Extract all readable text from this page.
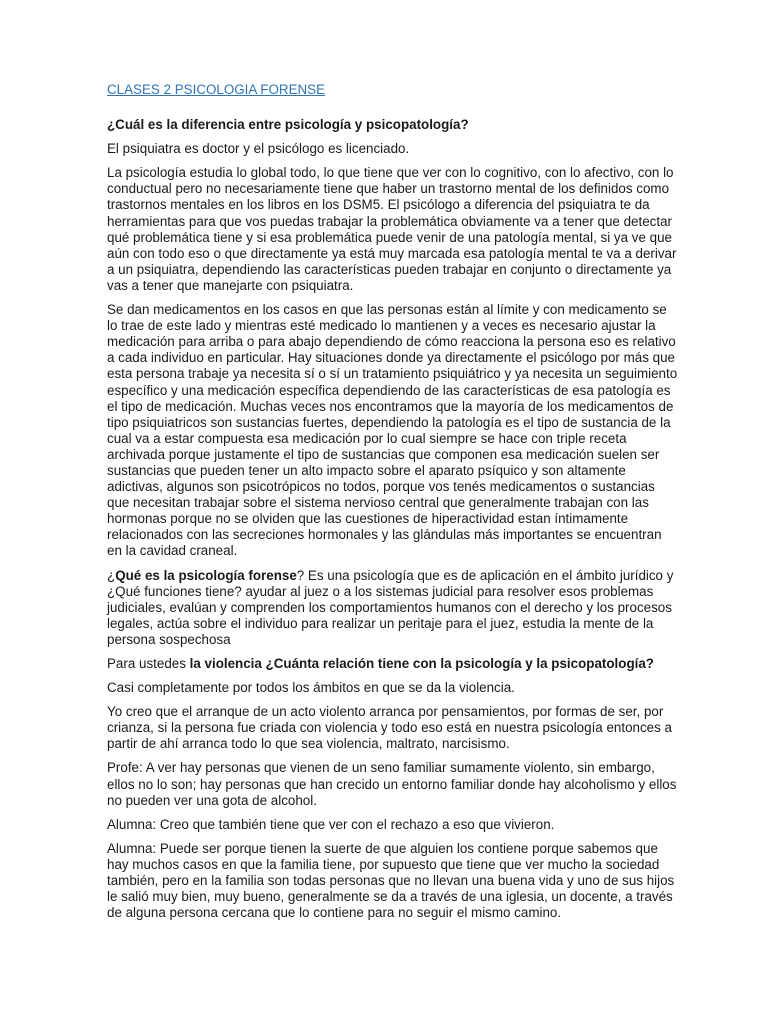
CLASES 2 PSICOLOGIA FORENSE

¿Cuál es la diferencia entre psicología y psicopatología?

El psiquiatra es doctor y el psicólogo es licenciado.

La psicología estudia lo global todo, lo que tiene que ver con lo cognitivo, con lo afectivo, con lo conductual pero no necesariamente tiene que haber un trastorno mental de los definidos como trastornos mentales en los libros en los DSM5. El psicólogo a diferencia del psiquiatra te da herramientas para que vos puedas trabajar la problemática obviamente va a tener que detectar qué problemática tiene y si esa problemática puede venir de una patología mental, si ya ve que aún con todo eso o que directamente ya está muy marcada esa patología mental te va a derivar a un psiquiatra, dependiendo las características pueden trabajar en conjunto o directamente ya vas a tener que manejarte con psiquiatra.

Se dan medicamentos en los casos en que las personas están al límite y con medicamento se lo trae de este lado y mientras esté medicado lo mantienen y a veces es necesario ajustar la medicación para arriba o para abajo dependiendo de cómo reacciona la persona eso es relativo a cada individuo en particular. Hay situaciones donde ya directamente el psicólogo por más que esta persona trabaje ya necesita sí o sí un tratamiento psiquiátrico y ya necesita un seguimiento específico y una medicación específica dependiendo de las características de esa patología es el tipo de medicación. Muchas veces nos encontramos que la mayoría de los medicamentos de tipo psiquiatricos son sustancias fuertes, dependiendo la patología es el tipo de sustancia de la cual va a estar compuesta esa medicación por lo cual siempre se hace con triple receta archivada porque justamente el tipo de sustancias que componen esa medicación suelen ser sustancias que pueden tener un alto impacto sobre el aparato psíquico y son altamente adictivas, algunos son psicotrópicos no todos, porque vos tenés medicamentos o sustancias que necesitan trabajar sobre el sistema nervioso central que generalmente trabajan con las hormonas porque no se olviden que las cuestiones de hiperactividad estan íntimamente relacionados con las secreciones hormonales y las glándulas más importantes se encuentran en la cavidad craneal.

¿Qué es la psicología forense? Es una psicología que es de aplicación en el ámbito jurídico y ¿Qué funciones tiene? ayudar al juez o a los sistemas judicial para resolver esos problemas judiciales, evalúan y comprenden los comportamientos humanos con el derecho y los procesos legales, actúa sobre el individuo para realizar un peritaje para el juez, estudia la mente de la persona sospechosa

Para ustedes la violencia ¿Cuánta relación tiene con la psicología y la psicopatología?

Casi completamente por todos los ámbitos en que se da la violencia.

Yo creo que el arranque de un acto violento arranca por pensamientos, por formas de ser, por crianza, si la persona fue criada con violencia y todo eso está en nuestra psicología entonces a partir de ahí arranca todo lo que sea violencia, maltrato, narcisismo.

Profe: A ver hay personas que vienen de un seno familiar sumamente violento, sin embargo, ellos no lo son; hay personas que han crecido un entorno familiar donde hay alcoholismo y ellos no pueden ver una gota de alcohol.

Alumna: Creo que también tiene que ver con el rechazo a eso que vivieron.

Alumna: Puede ser porque tienen la suerte de que alguien los contiene porque sabemos que hay muchos casos en que la familia tiene, por supuesto que tiene que ver mucho la sociedad también, pero en la familia son todas personas que no llevan una buena vida y uno de sus hijos le salió muy bien, muy bueno, generalmente se da a través de una iglesia, un docente, a través de alguna persona cercana que lo contiene para no seguir el mismo camino.
